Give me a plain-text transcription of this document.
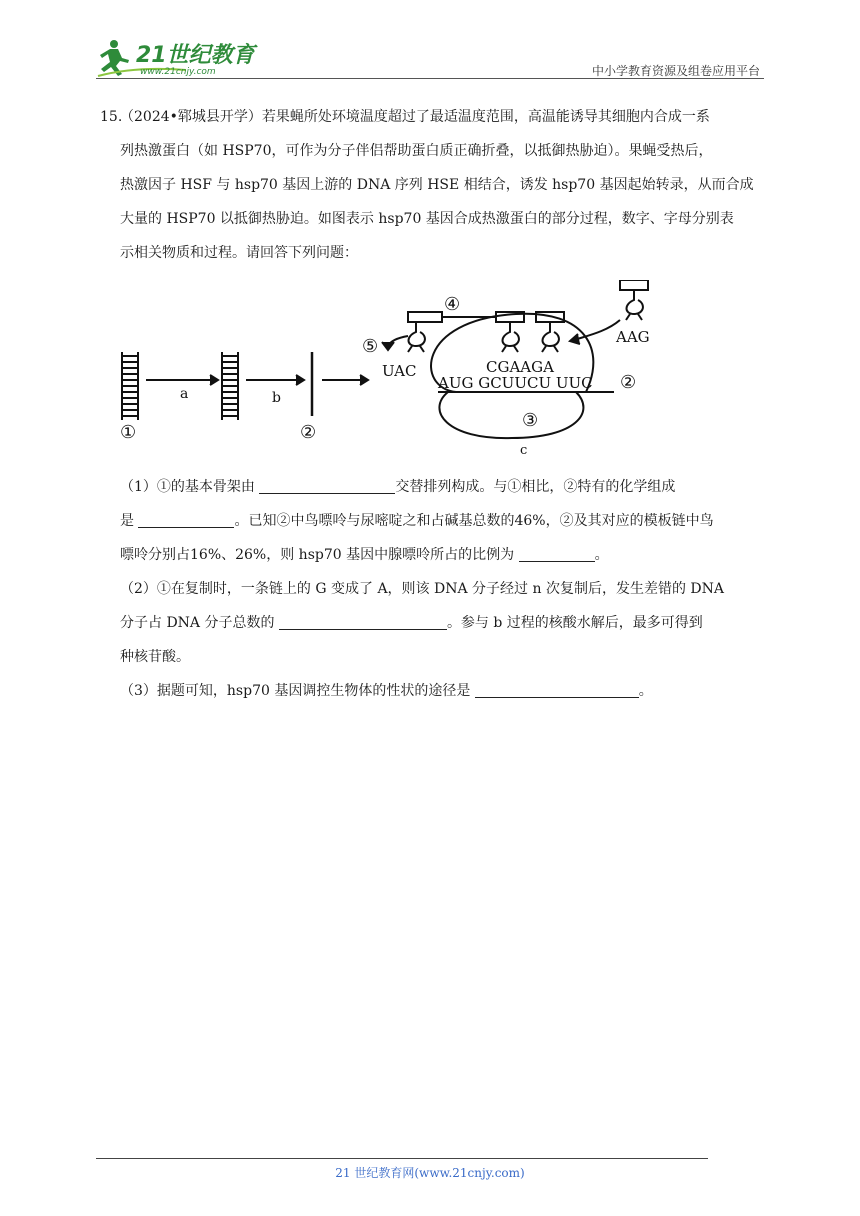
21世纪教育
www.21cnjy.com	中小学教育资源及组卷应用平台

15.（2024•郓城县开学）若果蝇所处环境温度超过了最适温度范围，高温能诱导其细胞内合成一系

列热激蛋白（如 HSP70，可作为分子伴侣帮助蛋白质正确折叠，以抵御热胁迫）。果蝇受热后，

热激因子 HSF 与 hsp70 基因上游的 DNA 序列 HSE 相结合，诱发 hsp70 基因起始转录，从而合成

大量的 HSP70 以抵御热胁迫。如图表示 hsp70 基因合成热激蛋白的部分过程，数字、字母分别表

示相关物质和过程。请回答下列问题：

①
a	b
②
④
⑤
UAC	CGAAGA
AAG
AUG GCUUCU UUC ②
③
c

（1）①的基本骨架由	交替排列构成。与①相比，②特有的化学组成

是	。已知②中鸟嘌呤与尿嘧啶之和占碱基总数的46%，②及其对应的模板链中鸟

嘌呤分别占16%、26%，则 hsp70 基因中腺嘌呤所占的比例为	。

（2）①在复制时，一条链上的 G 变成了 A，则该 DNA 分子经过 n 次复制后，发生差错的 DNA

分子占 DNA 分子总数的	。参与 b 过程的核酸水解后，最多可得到

种核苷酸。

（3）据题可知，hsp70 基因调控生物体的性状的途径是	。

21 世纪教育网(www.21cnjy.com)
